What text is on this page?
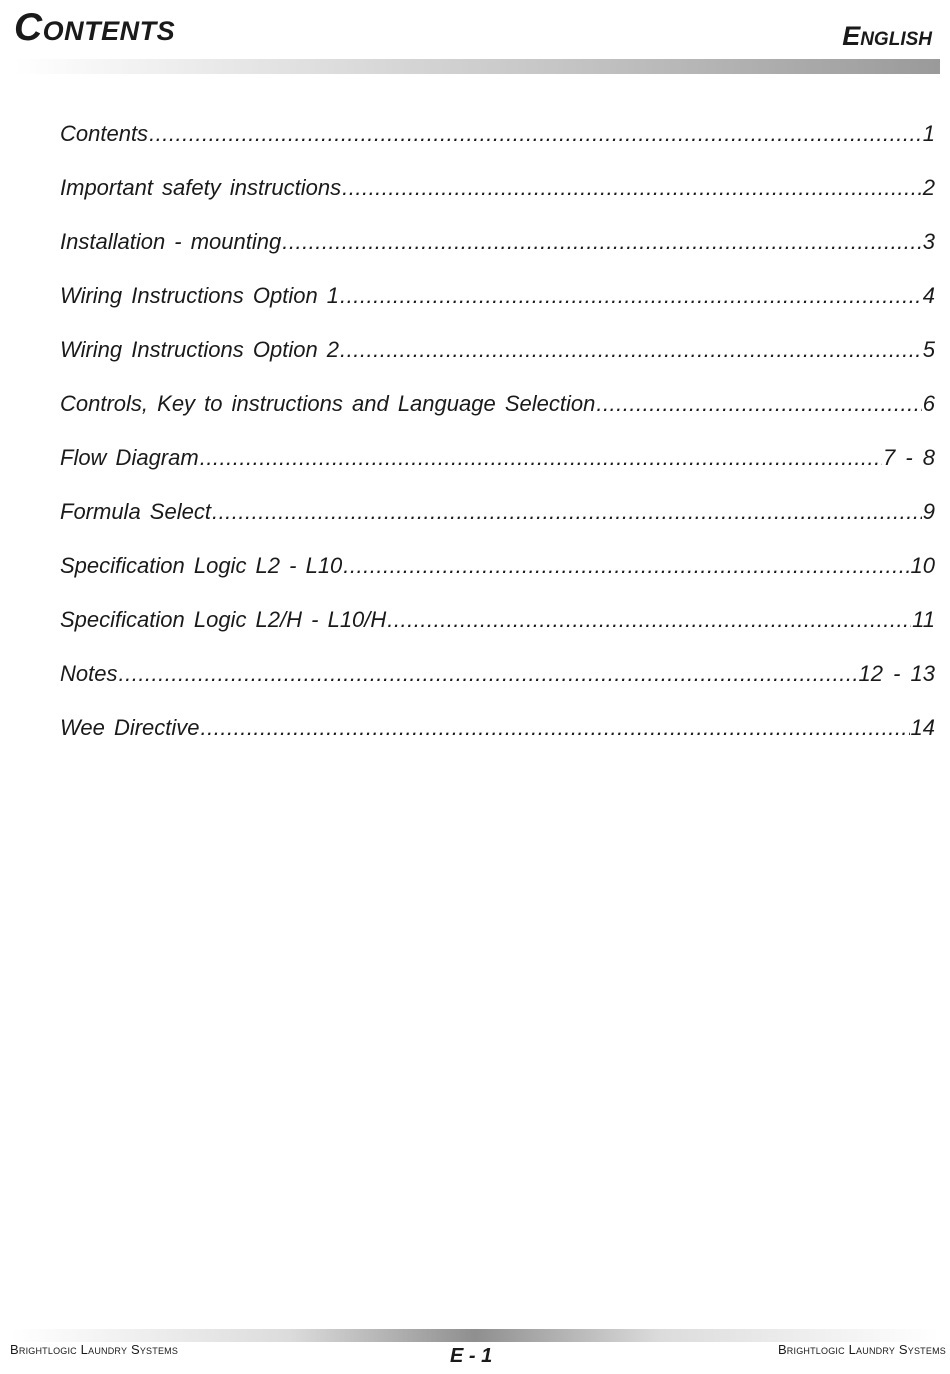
Contents	English
Contents .....	1
Important safety instructions .....	2
Installation - mounting .....	3
Wiring Instructions Option 1 .....	4
Wiring Instructions Option 2 .....	5
Controls, Key to instructions and Language Selection .....	6
Flow Diagram .....	7 - 8
Formula Select .....	9
Specification Logic L2 - L10 .....	10
Specification Logic L2/H - L10/H .....	11
Notes .....	12 - 13
Wee Directive .....	14
Brightlogic Laundry Systems	E - 1	Brightlogic Laundry Systems
